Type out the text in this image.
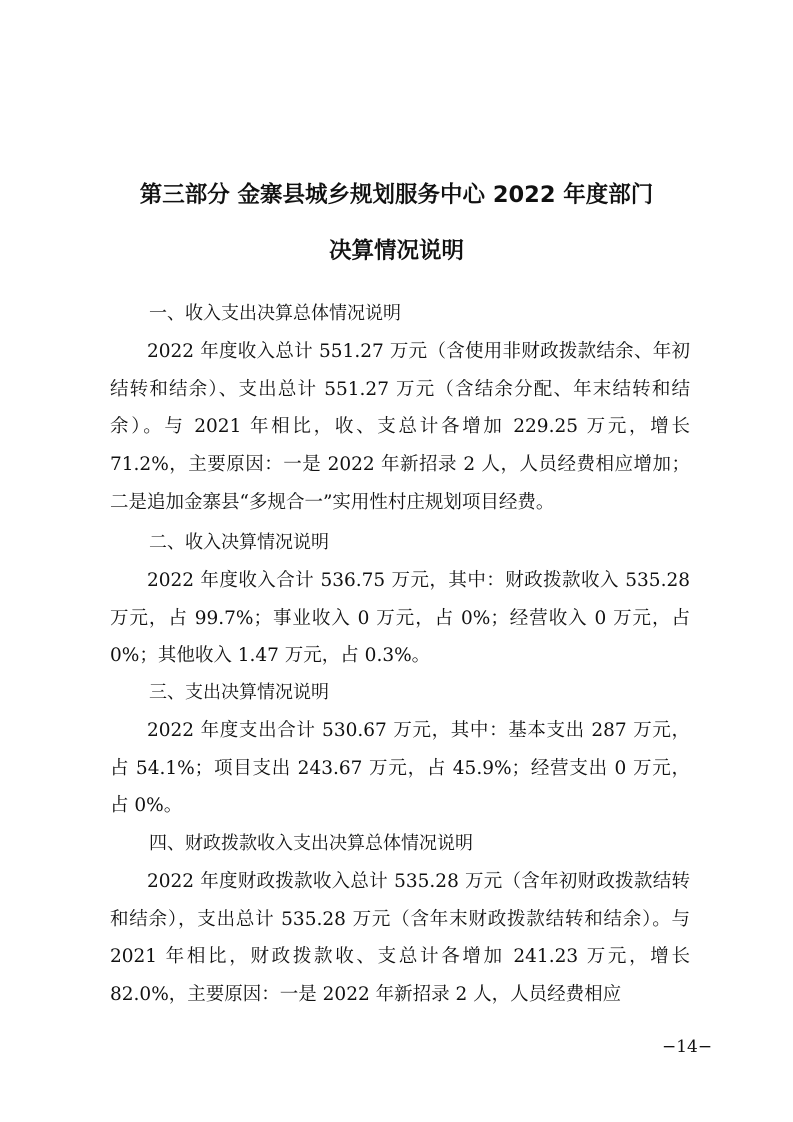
第三部分 金寨县城乡规划服务中心 2022 年度部门
决算情况说明
一、收入支出决算总体情况说明
2022 年度收入总计 551.27 万元（含使用非财政拨款结余、年初结转和结余）、支出总计 551.27 万元（含结余分配、年末结转和结余）。与 2021 年相比，收、支总计各增加 229.25 万元，增长 71.2%，主要原因：一是 2022 年新招录 2 人，人员经费相应增加；二是追加金寨县“多规合一”实用性村庄规划项目经费。
二、收入决算情况说明
2022 年度收入合计 536.75 万元，其中：财政拨款收入 535.28 万元，占 99.7%；事业收入 0 万元，占 0%；经营收入 0 万元，占 0%；其他收入 1.47 万元，占 0.3%。
三、支出决算情况说明
2022 年度支出合计 530.67 万元，其中：基本支出 287 万元，占 54.1%；项目支出 243.67 万元，占 45.9%；经营支出 0 万元，占 0%。
四、财政拨款收入支出决算总体情况说明
2022 年度财政拨款收入总计 535.28 万元（含年初财政拨款结转和结余），支出总计 535.28 万元（含年末财政拨款结转和结余）。与 2021 年相比，财政拨款收、支总计各增加 241.23 万元，增长 82.0%，主要原因：一是 2022 年新招录 2 人，人员经费相应
−14−
